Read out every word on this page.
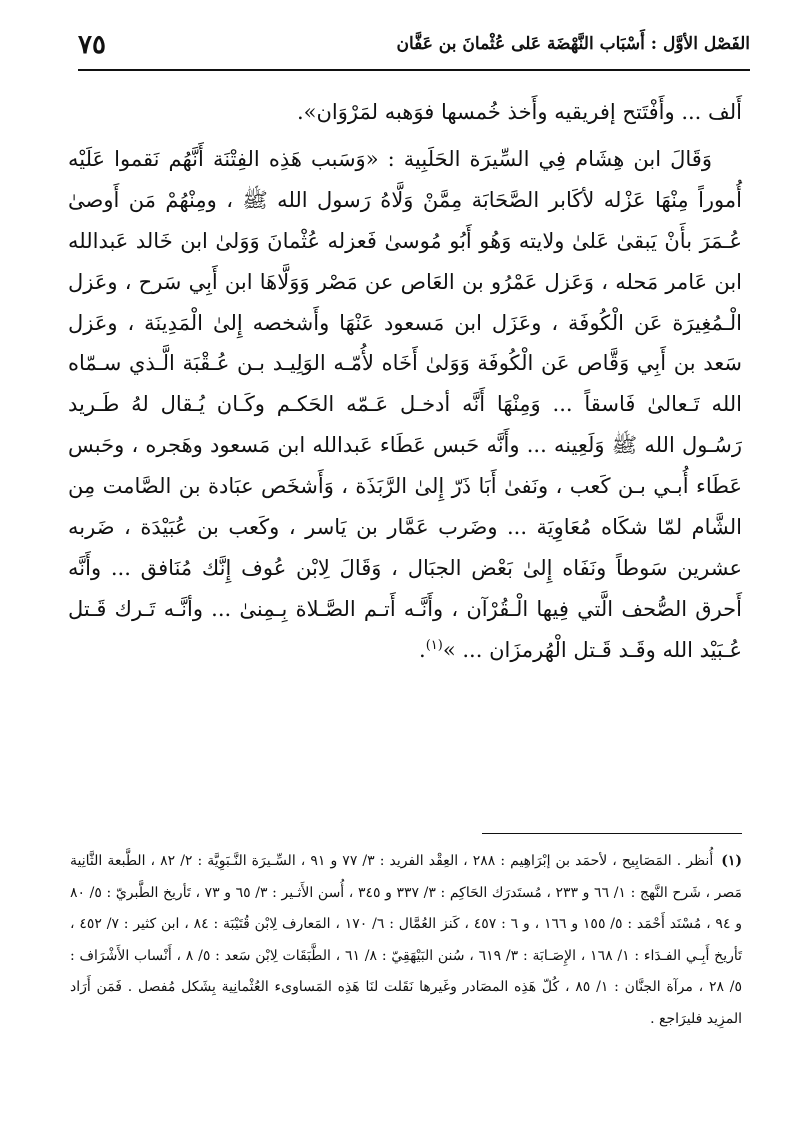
الفَصْل الأوَّل : أَسْبَاب النَّهْضَة عَلى عُثْمانَ بن عَفَّان
٧٥

أَلف ... وأَفْتَتح إفريقيه وأَخذ خُمسها فوَهبه لمَرْوَان».

وَقَالَ ابن هِشَام فِي السِّيرَة الحَلَبِية : «وَسَبب هَذِه الفِتْنَة أَنَّهُم نَقموا عَلَيْه أُموراً مِنْهَا عَزْله لأكَابر الصَّحَابَة مِمَّنْ وَلَّاهُ رَسول الله ﷺ ، ومِنْهُمْ مَن أَوصىٰ عُـمَرَ بأَنْ يَبقىٰ عَلىٰ ولايته وَهُو أَبُو مُوسىٰ فَعزله عُثْمانَ وَوَلىٰ ابن خَالد عَبدالله ابن عَامر مَحله ، وَعَزل عَمْرُو بن العَاص عن مَصْر وَوَلَّاهَا ابن أَبِي سَرح ، وعَزل الْـمُغِيرَة عَن الْكُوفَة ، وعَزَل ابن مَسعود عَنْهَا وأَشخصه إِلىٰ الْمَدِينَة ، وعَزل سَعد بن أَبِي وَقَّاص عَن الْكُوفَة وَوَلىٰ أَخَاه لأُمّـه الوَلِيـد بـن عُـقْبَة الَّـذي سـمّاه الله تَـعالىٰ فَاسقاً ... وَمِنْهَا أَنَّه أدخـل عَـمّه الحَكـم وكَـان يُـقال لهُ طَـريد رَسُـول الله ﷺ وَلَعِينه ... وأَنَّه حَبس عَطَاء عَبدالله ابن مَسعود وهَجره ، وحَبس عَطَاء أُبـي بـن كَعب ، ونَفىٰ أَبَا ذَرّ إِلىٰ الرَّبَذَة ، وَأَشخَص عبَادة بن الصَّامت مِن الشَّام لمّا شكَاه مُعَاوِيَة ... وضَرب عَمَّار بن يَاسر ، وكَعب بن عُبَيْدَة ، ضَربه عشرين سَوطاً ونَفَاه إِلىٰ بَعْض الجبَال ، وَقَالَ لِابْن عُوف إِنَّك مُنَافق ... وأَنَّه أَحرق الصُّحف الَّتي فِيها الْـقُرْآن ، وأَنَّـه أَتـم الصَّـلاة بِـمِنىٰ ... وأنَّـه تَـرك قَـتل عُـبَيْد الله وقَـد قَـتل الْهُرمزَان ... »$^{(١)}$.

(١)أُنظر . المَصَابِيح ، لأحمَد بن إبْرَاهِيم : ٢٨٨ ، العِقْد الفريد : ٣/ ٧٧ و ٩١ ، السِّـيرَة النَّـبَوِيَّة : ٢/ ٨٢ ، الطَّبعة الثَّانِية مَصر ، شَرح النَّهج : ١/ ٦٦ و ٢٣٣ ، مُستَدرَك الحَاكِم : ٣/ ٣٣٧ و ٣٤٥ ، أُسن الأَثـير : ٣/ ٦٥ و ٧٣ ، تَأريخ الطَّبريّ : ٥/ ٨٠ و ٩٤ ، مُسْنَد أَحْمَد : ٥/ ١٥٥ و ١٦٦ ، و ٦ : ٤٥٧ ، كَنز العُمَّال : ٦/ ١٧٠ ، المَعارف لِابْن قُتَيْبَة : ٨٤ ، ابن كثير : ٧/ ٤٥٢ ، تَأريخ أَبِـي الفـدَاء : ١/ ١٦٨ ، الإِصَـابَة : ٣/ ٦١٩ ، سُنن البَيْهَقِيّ : ٨/ ٦١ ، الطَّبَقَات لِابْن سَعد : ٥/ ٨ ، أَنْساب الأَشْرَاف : ٥/ ٢٨ ، مرآة الجنَّان : ١/ ٨٥ ، كُلّ هَذِه المصَادر وغَيرها نَقَلت لنَا هَذِه المَساوىء العُثْمانِية بِشَكل مُفصل . فَمَن أَرَاد المزِيد فليرَاجع .
